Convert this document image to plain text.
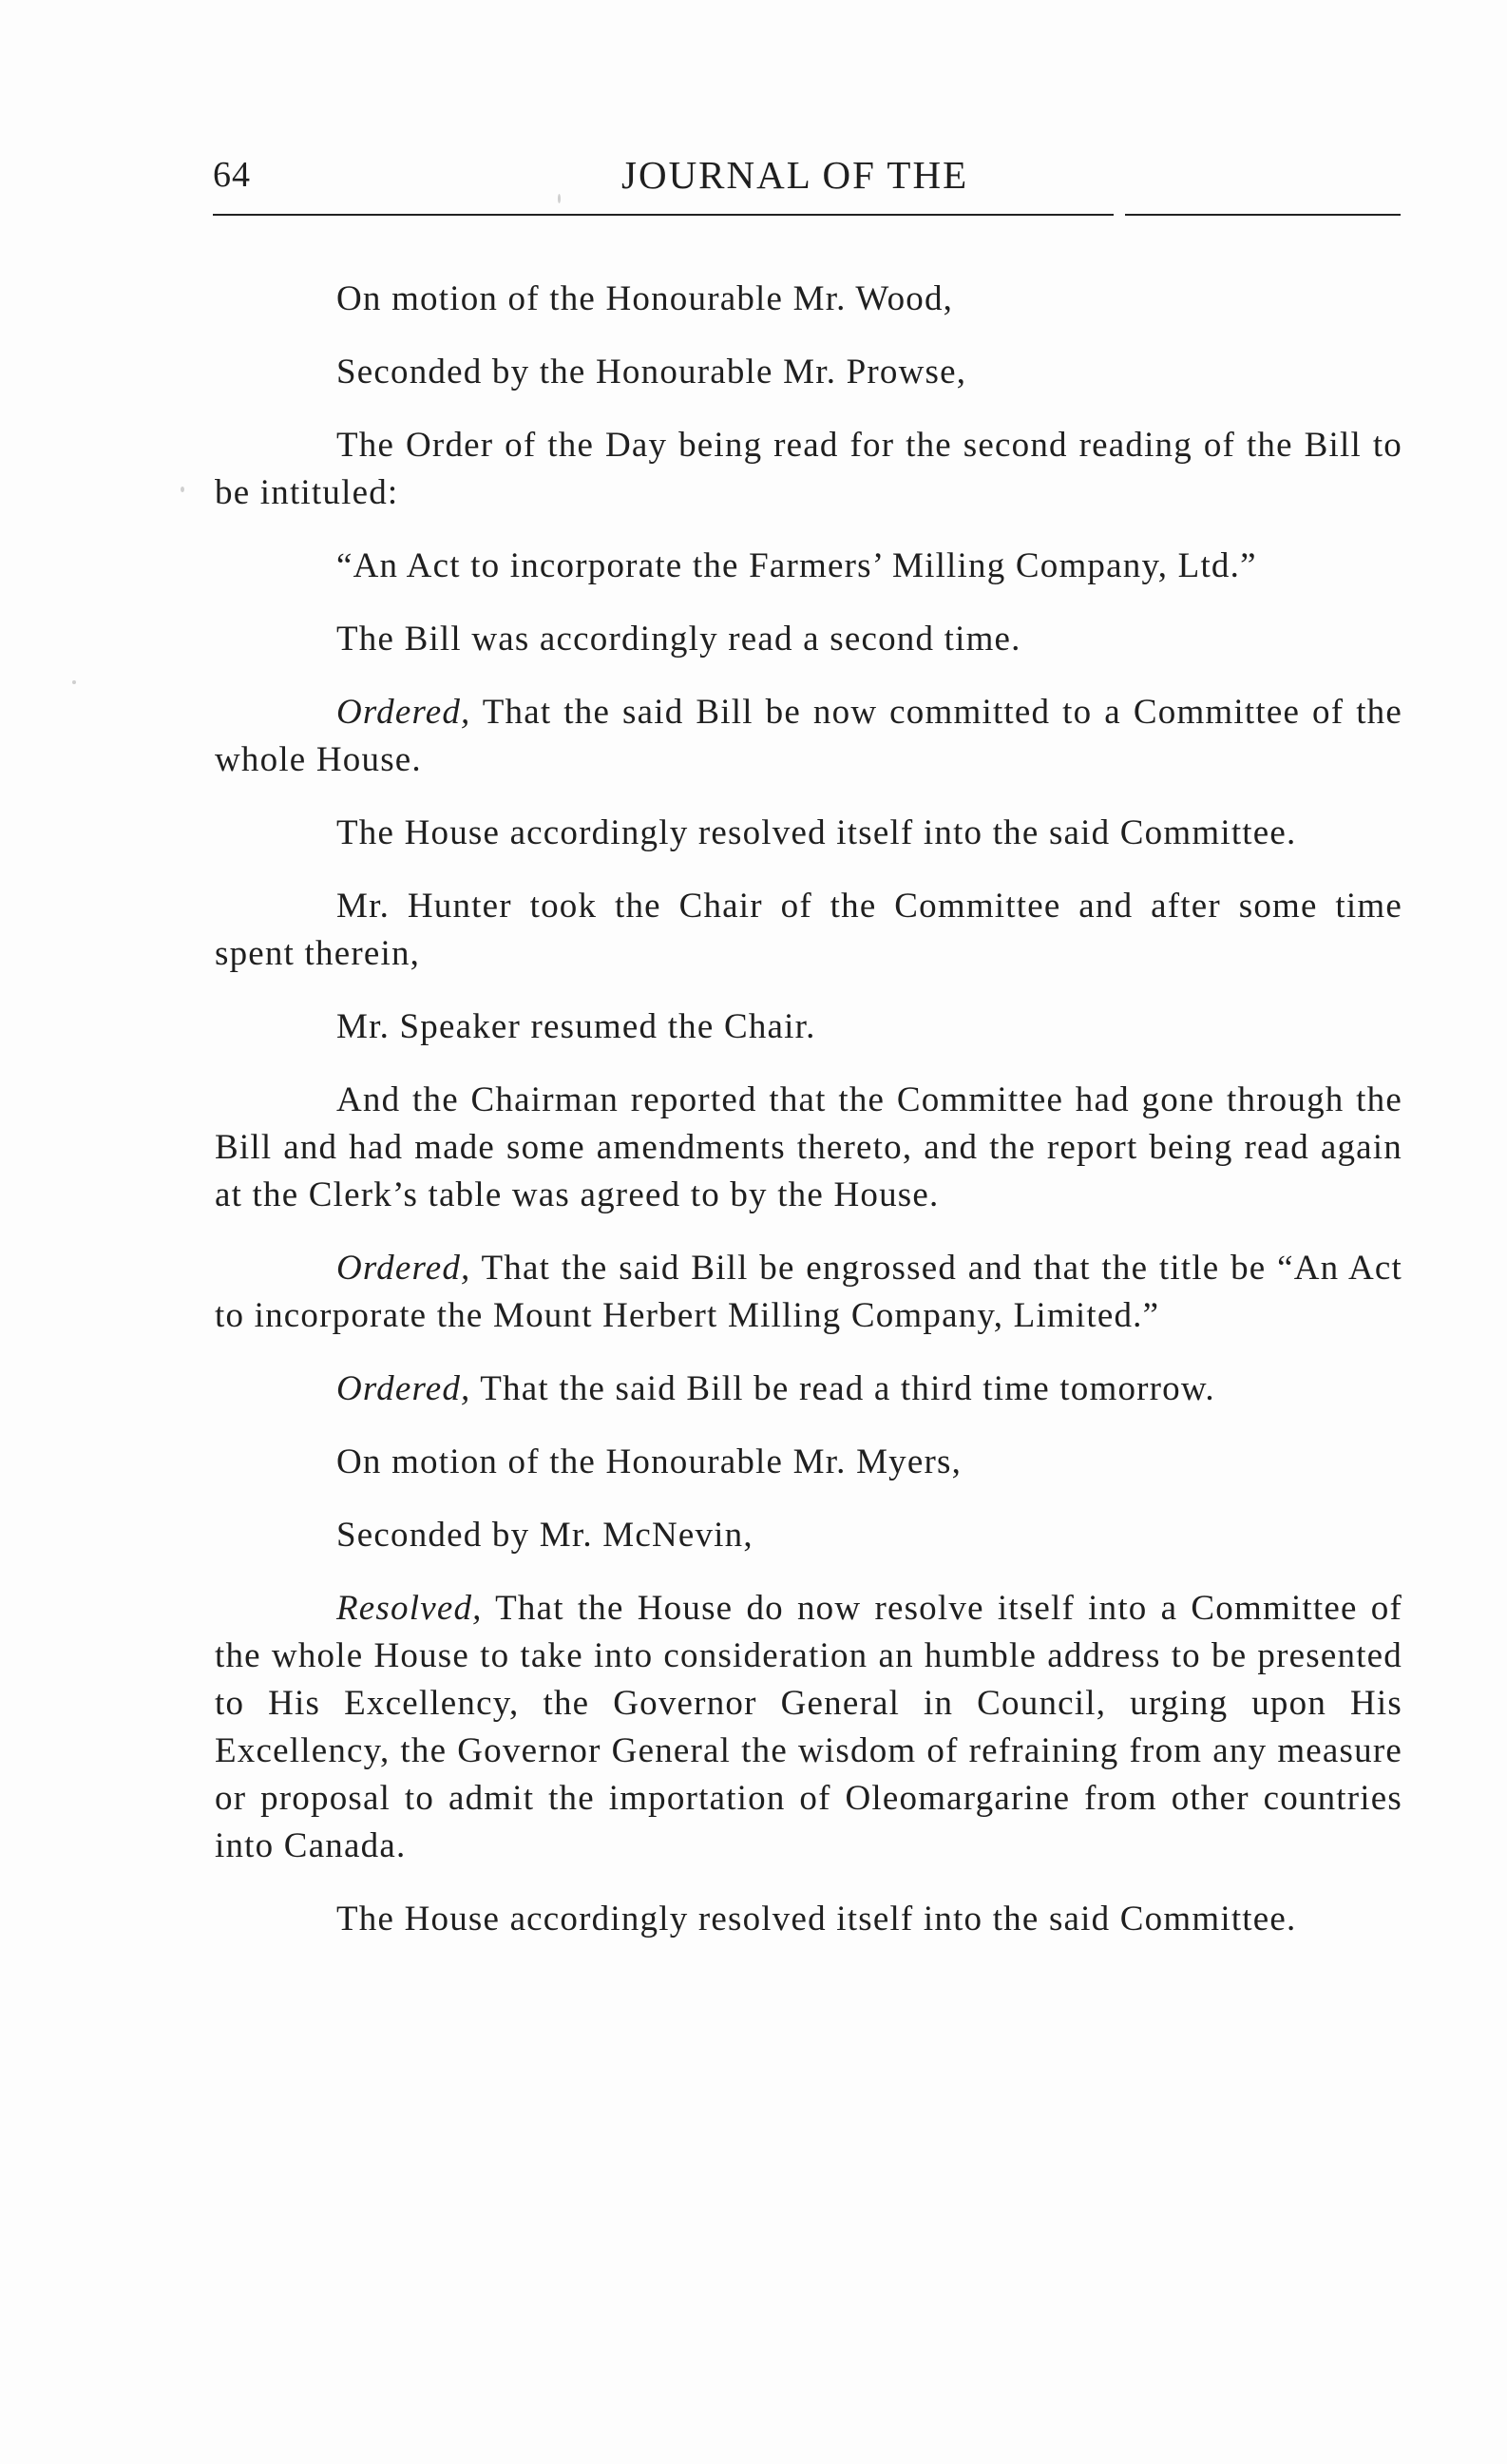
64	JOURNAL OF THE

On motion of the Honourable Mr. Wood,

Seconded by the Honourable Mr. Prowse,

The Order of the Day being read for the second reading of the Bill to be intituled:

“An Act to incorporate the Farmers’ Milling Company, Ltd.”

The Bill was accordingly read a second time.

Ordered, That the said Bill be now committed to a Committee of the whole House.

The House accordingly resolved itself into the said Committee.

Mr. Hunter took the Chair of the Committee and after some time spent therein,

Mr. Speaker resumed the Chair.

And the Chairman reported that the Committee had gone through the Bill and had made some amendments thereto, and the report being read again at the Clerk’s table was agreed to by the House.

Ordered, That the said Bill be engrossed and that the title be “An Act to incorporate the Mount Herbert Milling Company, Limited.”

Ordered, That the said Bill be read a third time tomorrow.

On motion of the Honourable Mr. Myers,

Seconded by Mr. McNevin,

Resolved, That the House do now resolve itself into a Committee of the whole House to take into consideration an humble address to be presented to His Excellency, the Governor General in Council, urging upon His Excellency, the Governor General the wisdom of refraining from any measure or proposal to admit the importation of Oleomargarine from other countries into Canada.

The House accordingly resolved itself into the said Committee.
